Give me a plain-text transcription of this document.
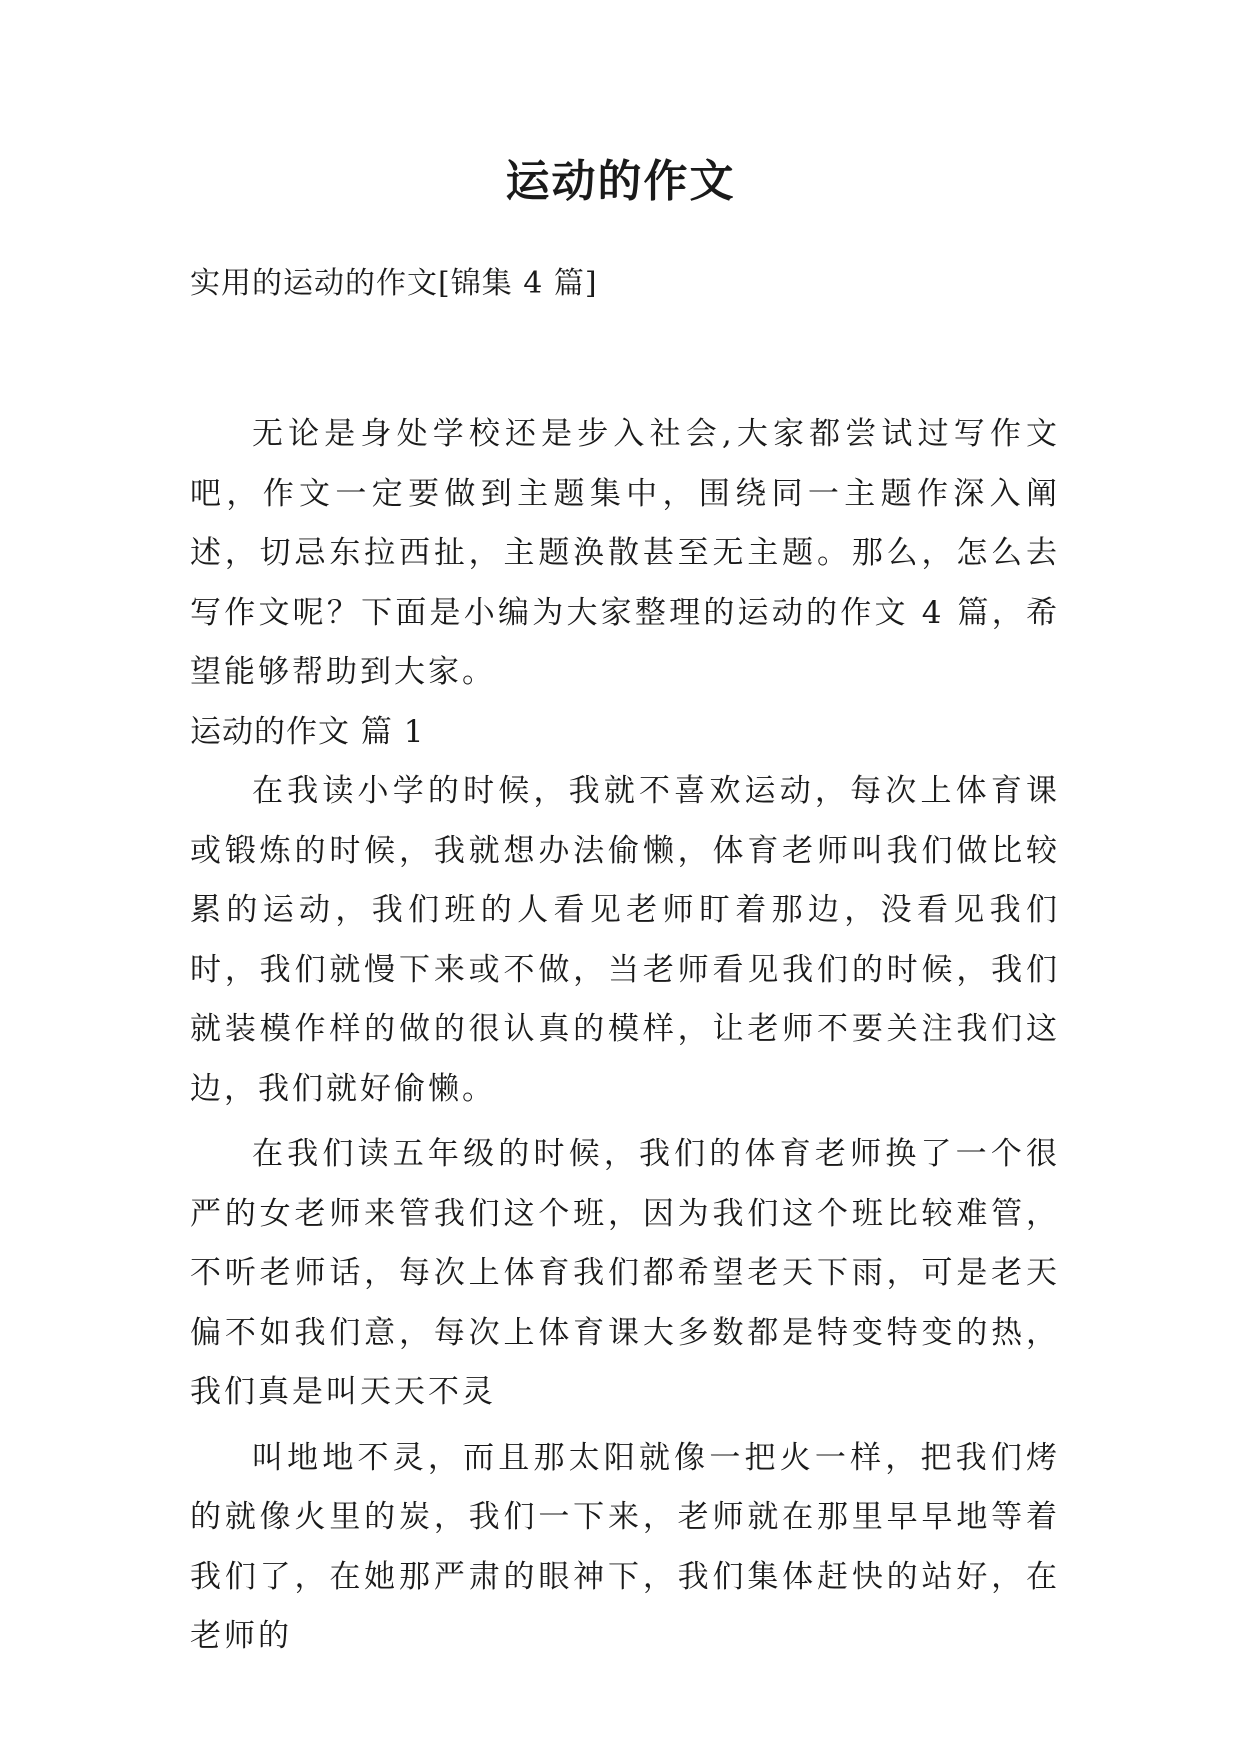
运动的作文
实用的运动的作文[锦集 4 篇]

无论是身处学校还是步入社会,大家都尝试过写作文吧，作文一定要做到主题集中，围绕同一主题作深入阐述，切忌东拉西扯，主题涣散甚至无主题。那么，怎么去写作文呢？下面是小编为大家整理的运动的作文 4 篇，希望能够帮助到大家。

运动的作文 篇 1

在我读小学的时候，我就不喜欢运动，每次上体育课或锻炼的时候，我就想办法偷懒，体育老师叫我们做比较累的运动，我们班的人看见老师盯着那边，没看见我们时，我们就慢下来或不做，当老师看见我们的时候，我们就装模作样的做的很认真的模样，让老师不要关注我们这边，我们就好偷懒。

在我们读五年级的时候，我们的体育老师换了一个很严的女老师来管我们这个班，因为我们这个班比较难管，不听老师话，每次上体育我们都希望老天下雨，可是老天偏不如我们意，每次上体育课大多数都是特变特变的热，我们真是叫天天不灵

叫地地不灵，而且那太阳就像一把火一样，把我们烤的就像火里的炭，我们一下来，老师就在那里早早地等着我们了，在她那严肃的眼神下，我们集体赶快的站好，在老师的
